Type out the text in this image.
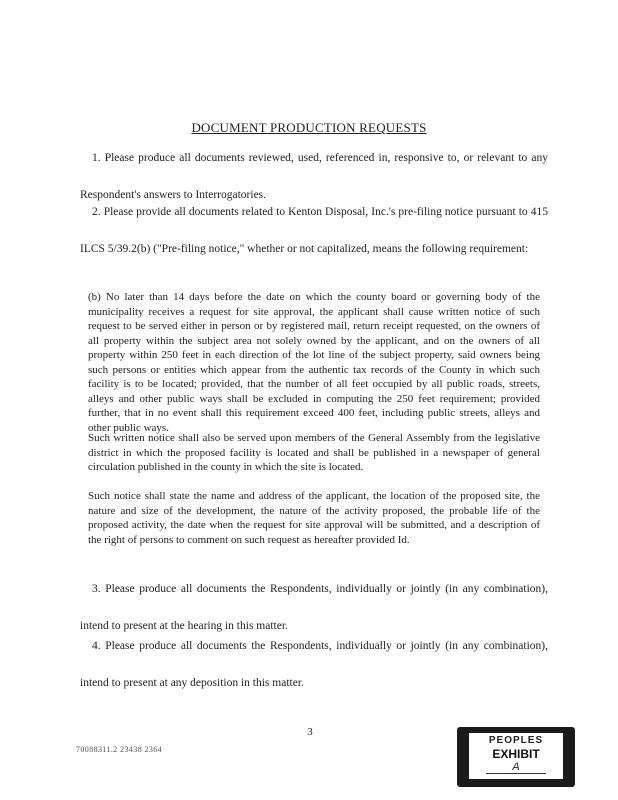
DOCUMENT PRODUCTION REQUESTS

1. Please produce all documents reviewed, used, referenced in, responsive to, or relevant to any Respondent's answers to Interrogatories.

2. Please provide all documents related to Kenton Disposal, Inc.'s pre-filing notice pursuant to 415 ILCS 5/39.2(b) ("Pre-filing notice," whether or not capitalized, means the following requirement:

(b) No later than 14 days before the date on which the county board or governing body of the municipality receives a request for site approval, the applicant shall cause written notice of such request to be served either in person or by registered mail, return receipt requested, on the owners of all property within the subject area not solely owned by the applicant, and on the owners of all property within 250 feet in each direction of the lot line of the subject property, said owners being such persons or entities which appear from the authentic tax records of the County in which such facility is to be located; provided, that the number of all feet occupied by all public roads, streets, alleys and other public ways shall be excluded in computing the 250 feet requirement; provided further, that in no event shall this requirement exceed 400 feet, including public streets, alleys and other public ways.

Such written notice shall also be served upon members of the General Assembly from the legislative district in which the proposed facility is located and shall be published in a newspaper of general circulation published in the county in which the site is located.

Such notice shall state the name and address of the applicant, the location of the proposed site, the nature and size of the development, the nature of the activity proposed, the probable life of the proposed activity, the date when the request for site approval will be submitted, and a description of the right of persons to comment on such request as hereafter provided Id.

3. Please produce all documents the Respondents, individually or jointly (in any combination), intend to present at the hearing in this matter.

4. Please produce all documents the Respondents, individually or jointly (in any combination), intend to present at any deposition in this matter.

3
70088311.2 23438 2364
PEOPLES
EXHIBIT
A
